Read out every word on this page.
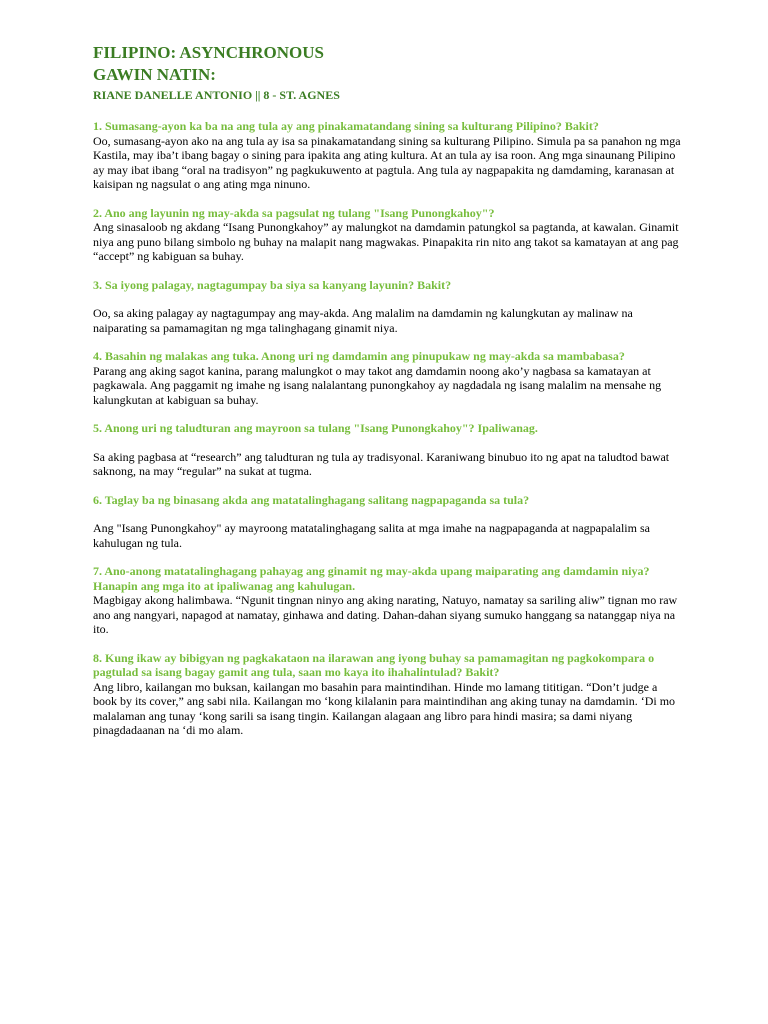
FILIPINO: ASYNCHRONOUS
GAWIN NATIN:
RIANE DANELLE ANTONIO || 8 - ST. AGNES

1. Sumasang-ayon ka ba na ang tula ay ang pinakamatandang sining sa kulturang Pilipino? Bakit?

Oo, sumasang-ayon ako na ang tula ay isa sa pinakamatandang sining sa kulturang Pilipino. Simula pa sa panahon ng mga Kastila, may iba’t ibang bagay o sining para ipakita ang ating kultura. At an tula ay isa roon. Ang mga sinaunang Pilipino ay may ibat ibang “oral na tradisyon” ng pagkukuwento at pagtula. Ang tula ay nagpapakita ng damdaming, karanasan at kaisipan ng nagsulat o ang ating mga ninuno.

2. Ano ang layunin ng may-akda sa pagsulat ng tulang "Isang Punongkahoy"?

Ang sinasaloob ng akdang “Isang Punongkahoy” ay malungkot na damdamin patungkol sa pagtanda, at kawalan. Ginamit niya ang puno bilang simbolo ng buhay na malapit nang magwakas. Pinapakita rin nito ang takot sa kamatayan at ang pag “accept” ng kabiguan sa buhay.

3. Sa iyong palagay, nagtagumpay ba siya sa kanyang layunin? Bakit?

Oo, sa aking palagay ay nagtagumpay ang may-akda. Ang malalim na damdamin ng kalungkutan ay malinaw na naiparating sa pamamagitan ng mga talinghagang ginamit niya.

4. Basahin ng malakas ang tuka. Anong uri ng damdamin ang pinupukaw ng may-akda sa mambabasa?

Parang ang aking sagot kanina, parang malungkot o may takot ang damdamin noong ako’y nagbasa sa kamatayan at pagkawala. Ang paggamit ng imahe ng isang nalalantang punongkahoy ay nagdadala ng isang malalim na mensahe ng kalungkutan at kabiguan sa buhay.

5. Anong uri ng taludturan ang mayroon sa tulang "Isang Punongkahoy"? Ipaliwanag.

Sa aking pagbasa at “research” ang taludturan ng tula ay tradisyonal. Karaniwang binubuo ito ng apat na taludtod bawat saknong, na may “regular” na sukat at tugma.

6. Taglay ba ng binasang akda ang matatalinghagang salitang nagpapaganda sa tula?

Ang "Isang Punongkahoy" ay mayroong matatalinghagang salita at mga imahe na nagpapaganda at nagpapalalim sa kahulugan ng tula.

7. Ano-anong matatalinghagang pahayag ang ginamit ng may-akda upang maiparating ang damdamin niya? Hanapin ang mga ito at ipaliwanag ang kahulugan.

Magbigay akong halimbawa. “Ngunit tingnan ninyo ang aking narating, Natuyo, namatay sa sariling aliw” tignan mo raw ano ang nangyari, napagod at namatay, ginhawa and dating. Dahan-dahan siyang sumuko hanggang sa natanggap niya na ito.

8. Kung ikaw ay bibigyan ng pagkakataon na ilarawan ang iyong buhay sa pamamagitan ng pagkokompara o pagtulad sa isang bagay gamit ang tula, saan mo kaya ito ihahalintulad? Bakit?

Ang libro, kailangan mo buksan, kailangan mo basahin para maintindihan. Hinde mo lamang tititigan. “Don’t judge a book by its cover,” ang sabi nila. Kailangan mo ‘kong kilalanin para maintindihan ang aking tunay na damdamin. ‘Di mo malalaman ang tunay ‘kong sarili sa isang tingin. Kailangan alagaan ang libro para hindi masira; sa dami niyang pinagdadaanan na ‘di mo alam.
